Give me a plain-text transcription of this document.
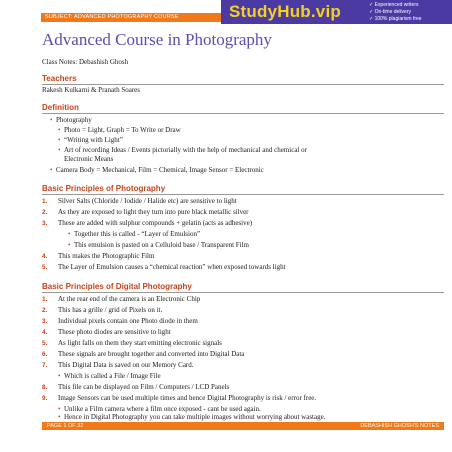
SUBJECT: ADVANCED PHOTOGRAPHY COURSE	StudyHub.vip
✓	Experienced writers
✓ On-time delivery
✓ 100% plagiarism free
Advanced Course in Photography
Class Notes: Debashish Ghosh
Teachers
Rakesh Kulkarni & Pranath Soares
Definition
• Photography
• Photo = Light, Graph = To Write or Draw
• “Writing with Light”
• Art of recording Ideas / Events pictorially with the help of mechanical and chemical or
Electronic Means
• Camera Body = Mechanical, Film = Chemical, Image Sensor = Electronic
Basic Principles of Photography
1. Silver Salts (Chloride / Iodide / Halide etc) are sensitive to light
2. As they are exposed to light they turn into pure black metallic silver
3. These are added with sulphur compounds + gelatin (acts as adhesive)
• Together this is called - “Layer of Emulsion”
• This emulsion is pasted on a Celluloid base / Transparent Film
4. This makes the Photographic Film
5. The Layer of Emulsion causes a “chemical reaction” when exposed towards light
Basic Principles of Digital Photography
1. At the rear end of the camera is an Electronic Chip
2. This has a grille / grid of Pixels on it.
3. Individual pixels contain one Photo diode in them
4. These photo diodes are sensitive to light
5. As light falls on them they start emitting electronic signals
6. These signals are brought together and converted into Digital Data
7. This Digital Data is saved on our Memory Card.
• Which is called a File / Image File
8. This file can be displayed on Film / Computers / LCD Panels
9. Image Sensors can be used multiple times and hence Digital Photography is risk / error free.
• Unlike a Film camera where a film once exposed - cant be used again.
• Hence in Digital Photography you can take multiple images without worrying about wastage.
PAGE 1 OF 32	DEBASHISH GHOSH'S NOTES
